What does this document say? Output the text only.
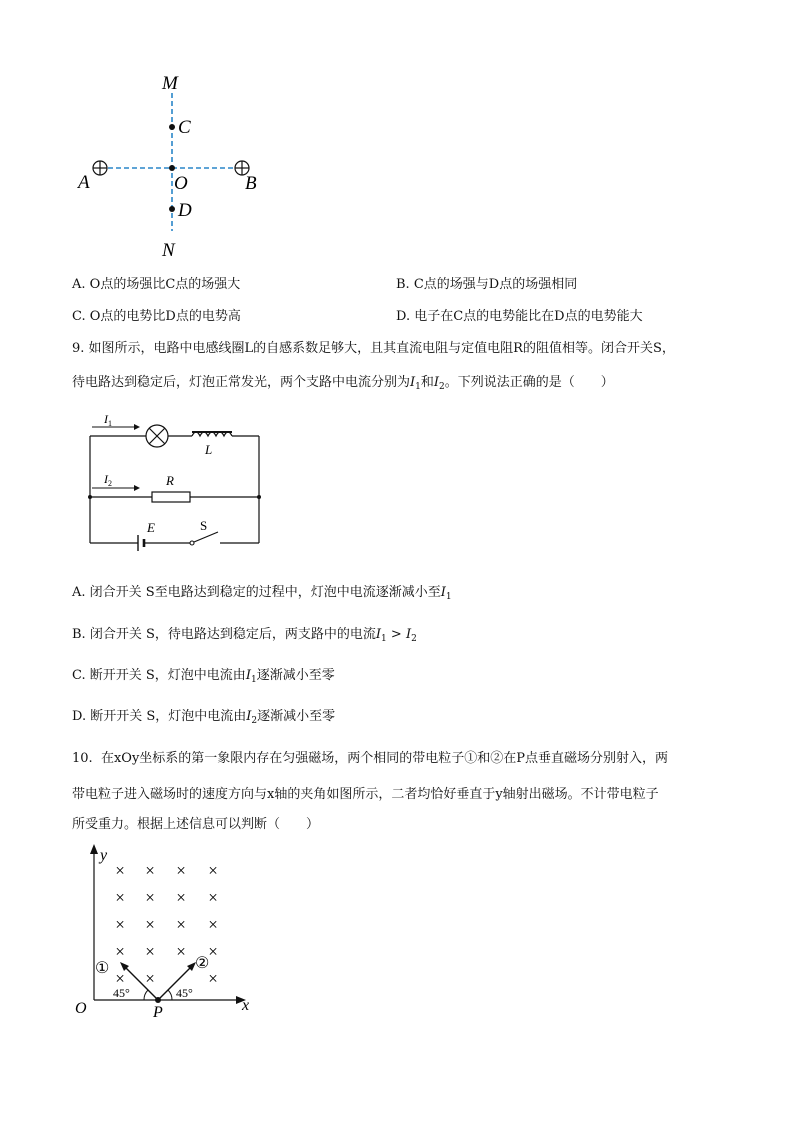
M
C
A	O	B
D
N
A. O点的场强比C点的场强大	B. C点的场强与D点的场强相同
C. O点的电势比D点的电势高	D. 电子在C点的电势能比在D点的电势能大
9. 如图所示，电路中电感线圈L的自感系数足够大，且其直流电阻与定值电阻R的阻值相等。闭合开关S，
待电路达到稳定后，灯泡正常发光，两个支路中电流分别为$I_1$和$I_2$。下列说法正确的是（　　）
I 1
I 2
L
R
E	S
A. 闭合开关 S至电路达到稳定的过程中，灯泡中电流逐渐减小至$I_1$
B. 闭合开关 S，待电路达到稳定后，两支路中的电流$I_1 > I_2$
C. 断开开关 S，灯泡中电流由$I_1$逐渐减小至零
D. 断开开关 S，灯泡中电流由$I_2$逐渐减小至零
10. 在xOy坐标系的第一象限内存在匀强磁场，两个相同的带电粒子①和②在P点垂直磁场分别射入，两
带电粒子进入磁场时的速度方向与x轴的夹角如图所示，二者均恰好垂直于y轴射出磁场。不计带电粒子
所受重力。根据上述信息可以判断（　　）
y
x
O	P
× × × ×
× × × ×
× × × ×
× × × ×
× ×	×
45°	45°
①	②
